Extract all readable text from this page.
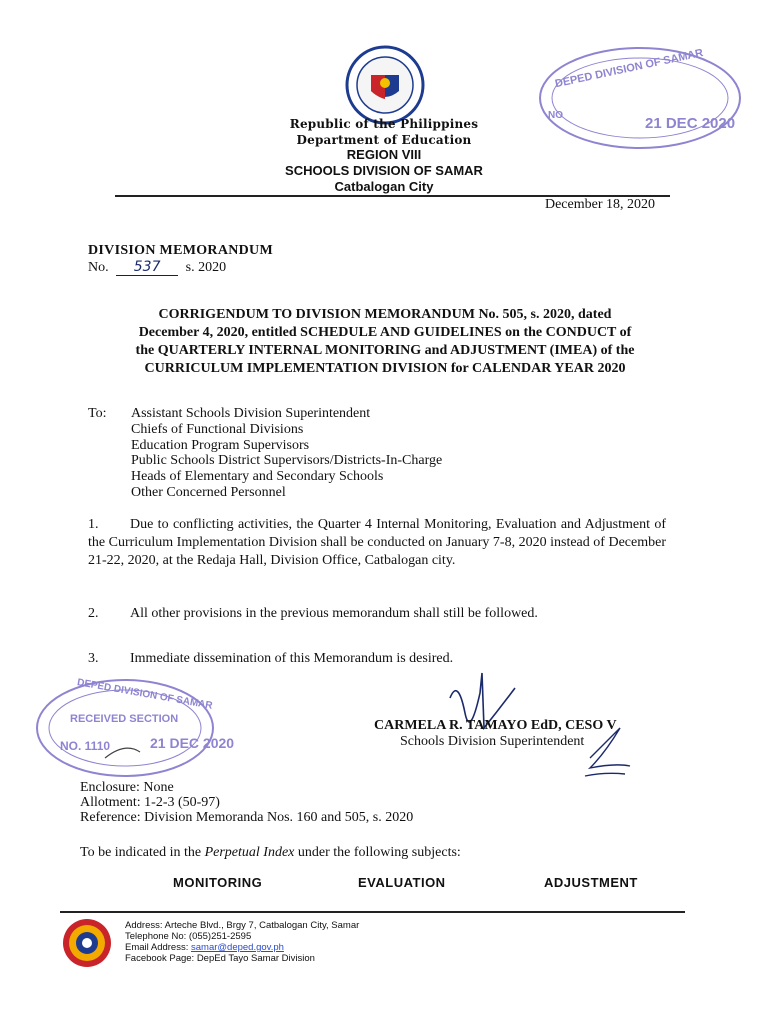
Republic of the Philippines
Department of Education
REGION VIII
SCHOOLS DIVISION OF SAMAR
Catbalogan City
DEPED DIVISION OF SAMAR
NO	21 DEC 2020
December 18, 2020
DIVISION MEMORANDUM
No. 537 s. 2020
CORRIGENDUM TO DIVISION MEMORANDUM No. 505, s. 2020, dated
December 4, 2020, entitled SCHEDULE AND GUIDELINES on the CONDUCT of
the QUARTERLY INTERNAL MONITORING and ADJUSTMENT (IMEA) of the
CURRICULUM IMPLEMENTATION DIVISION for CALENDAR YEAR 2020
To: Assistant Schools Division Superintendent
Chiefs of Functional Divisions
Education Program Supervisors
Public Schools District Supervisors/Districts-In-Charge
Heads of Elementary and Secondary Schools
Other Concerned Personnel
1. Due to conflicting activities, the Quarter 4 Internal Monitoring, Evaluation and Adjustment of the Curriculum Implementation Division shall be conducted on January 7-8, 2020 instead of December 21-22, 2020, at the Redaja Hall, Division Office, Catbalogan city.
2. All other provisions in the previous memorandum shall still be followed.
3. Immediate dissemination of this Memorandum is desired.
CARMELA R. TAMAYO EdD, CESO V
Schools Division Superintendent
DEPED DIVISION OF SAMAR
RECEIVED SECTION
NO. 1110	21 DEC 2020
Enclosure: None
Allotment: 1-2-3 (50-97)
Reference: Division Memoranda Nos. 160 and 505, s. 2020
To be indicated in the Perpetual Index under the following subjects:
MONITORING	EVALUATION	ADJUSTMENT
Address: Arteche Blvd., Brgy 7, Catbalogan City, Samar
Telephone No: (055)251-2595
Email Address: samar@deped.gov.ph
Facebook Page: DepEd Tayo Samar Division
